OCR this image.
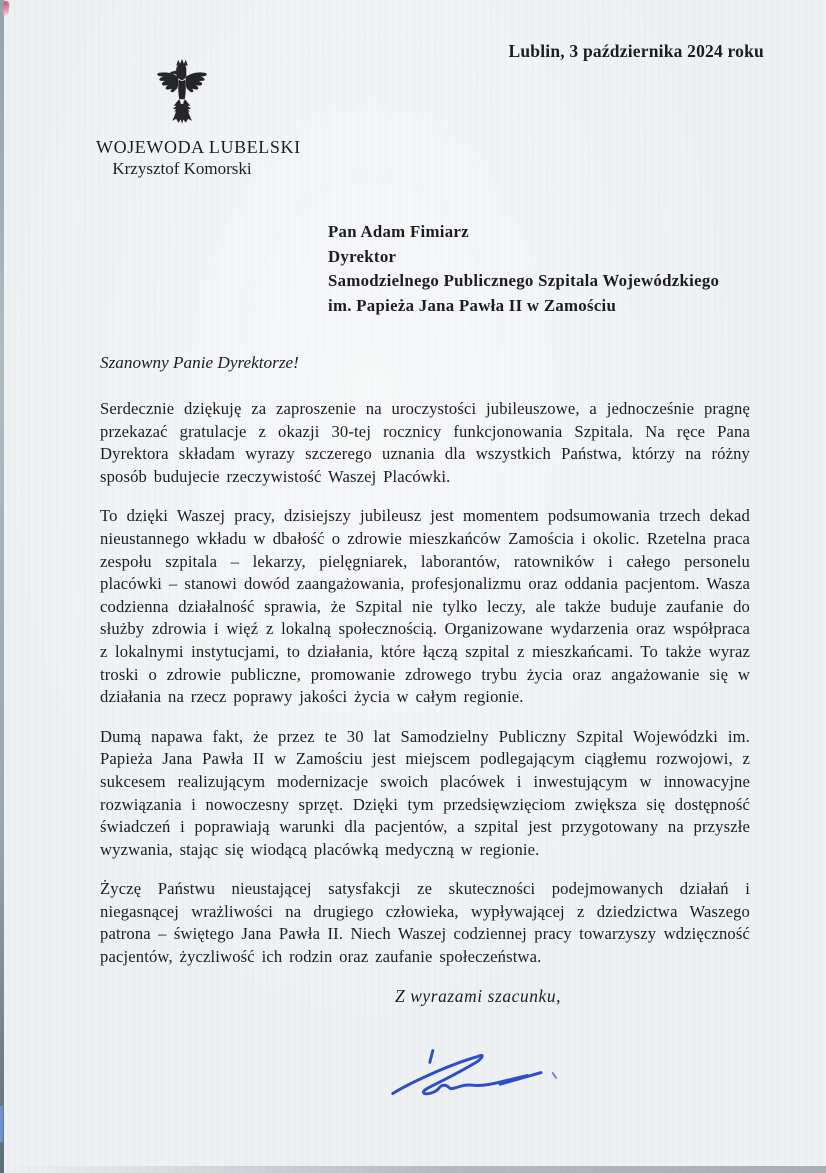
Lublin, 3 października 2024 roku
WOJEWODA LUBELSKI
Krzysztof Komorski
Pan Adam Fimiarz
Dyrektor
Samodzielnego Publicznego Szpitala Wojewódzkiego
im. Papieża Jana Pawła II w Zamościu
Szanowny Panie Dyrektorze!

Serdecznie dziękuję za zaproszenie na uroczystości jubileuszowe, a jednocześnie pragnę przekazać gratulacje z okazji 30-tej rocznicy funkcjonowania Szpitala. Na ręce Pana Dyrektora składam wyrazy szczerego uznania dla wszystkich Państwa, którzy na różny sposób budujecie rzeczywistość Waszej Placówki.

To dzięki Waszej pracy, dzisiejszy jubileusz jest momentem podsumowania trzech dekad nieustannego wkładu w dbałość o zdrowie mieszkańców Zamościa i okolic. Rzetelna praca zespołu szpitala – lekarzy, pielęgniarek, laborantów, ratowników i całego personelu placówki – stanowi dowód zaangażowania, profesjonalizmu oraz oddania pacjentom. Wasza codzienna działalność sprawia, że Szpital nie tylko leczy, ale także buduje zaufanie do służby zdrowia i więź z lokalną społecznością. Organizowane wydarzenia oraz współpraca z lokalnymi instytucjami, to działania, które łączą szpital z mieszkańcami. To także wyraz troski o zdrowie publiczne, promowanie zdrowego trybu życia oraz angażowanie się w działania na rzecz poprawy jakości życia w całym regionie.

Dumą napawa fakt, że przez te 30 lat Samodzielny Publiczny Szpital Wojewódzki im. Papieża Jana Pawła II w Zamościu jest miejscem podlegającym ciągłemu rozwojowi, z sukcesem realizującym modernizacje swoich placówek i inwestującym w innowacyjne rozwiązania i nowoczesny sprzęt. Dzięki tym przedsięwzięciom zwiększa się dostępność świadczeń i poprawiają warunki dla pacjentów, a szpital jest przygotowany na przyszłe wyzwania, stając się wiodącą placówką medyczną w regionie.

Życzę Państwu nieustającej satysfakcji ze skuteczności podejmowanych działań i niegasnącej wrażliwości na drugiego człowieka, wypływającej z dziedzictwa Waszego patrona – świętego Jana Pawła II. Niech Waszej codziennej pracy towarzyszy wdzięczność pacjentów, życzliwość ich rodzin oraz zaufanie społeczeństwa.

Z wyrazami szacunku,
